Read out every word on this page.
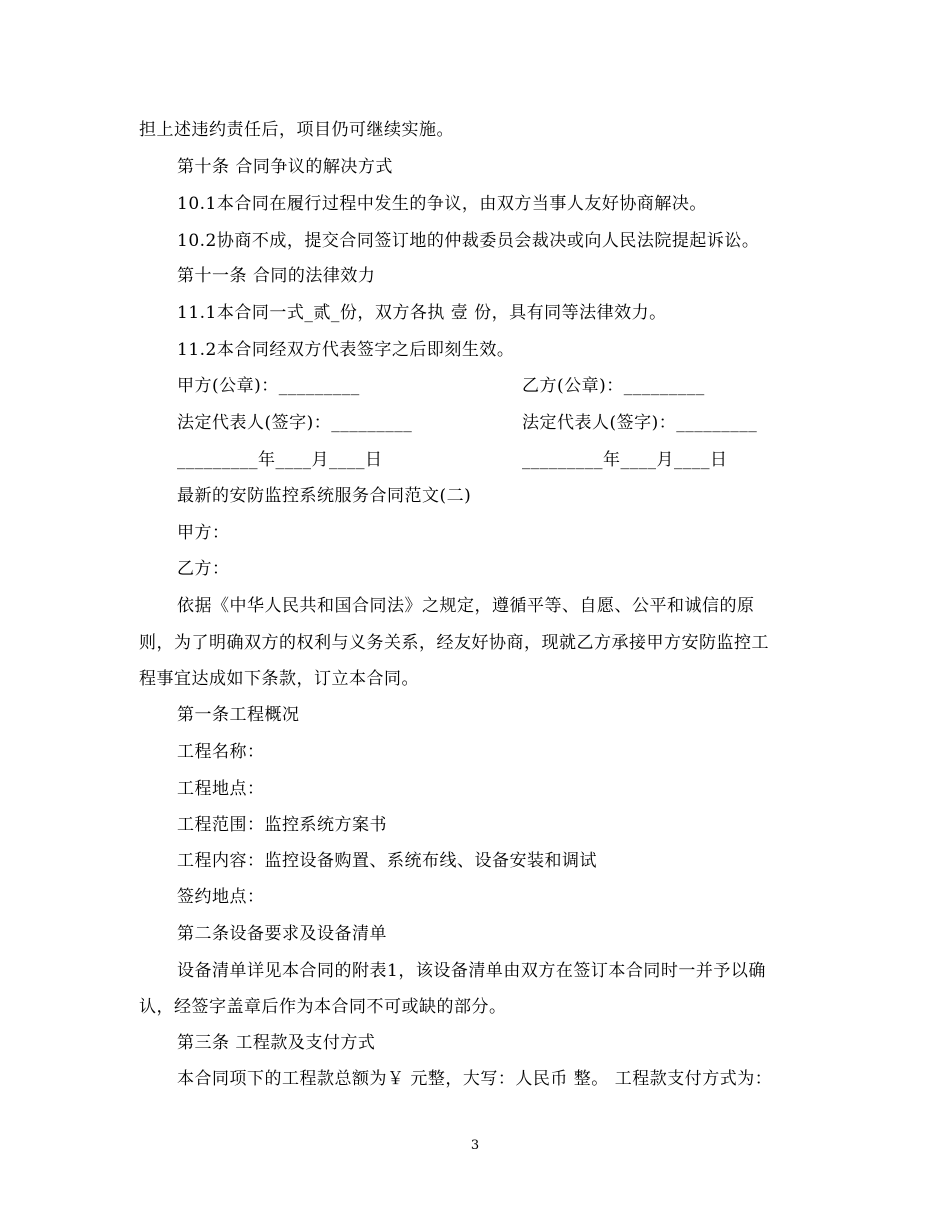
担上述违约责任后，项目仍可继续实施。
第十条 合同争议的解决方式
10.1本合同在履行过程中发生的争议，由双方当事人友好协商解决。
10.2协商不成，提交合同签订地的仲裁委员会裁决或向人民法院提起诉讼。
第十一条 合同的法律效力
11.1本合同一式_贰_份，双方各执 壹 份，具有同等法律效力。
11.2本合同经双方代表签字之后即刻生效。
甲方(公章)：_________	乙方(公章)：_________
法定代表人(签字)：_________	法定代表人(签字)：_________
_________年____月____日	_________年____月____日
最新的安防监控系统服务合同范文(二)
甲方：
乙方：
依据《中华人民共和国合同法》之规定，遵循平等、自愿、公平和诚信的原
则，为了明确双方的权利与义务关系，经友好协商，现就乙方承接甲方安防监控工
程事宜达成如下条款，订立本合同。
第一条工程概况
工程名称：
工程地点：
工程范围：监控系统方案书
工程内容：监控设备购置、系统布线、设备安装和调试
签约地点：
第二条设备要求及设备清单
设备清单详见本合同的附表1，该设备清单由双方在签订本合同时一并予以确
认，经签字盖章后作为本合同不可或缺的部分。
第三条 工程款及支付方式
本合同项下的工程款总额为￥ 元整，大写：人民币 整。 工程款支付方式为：
3
